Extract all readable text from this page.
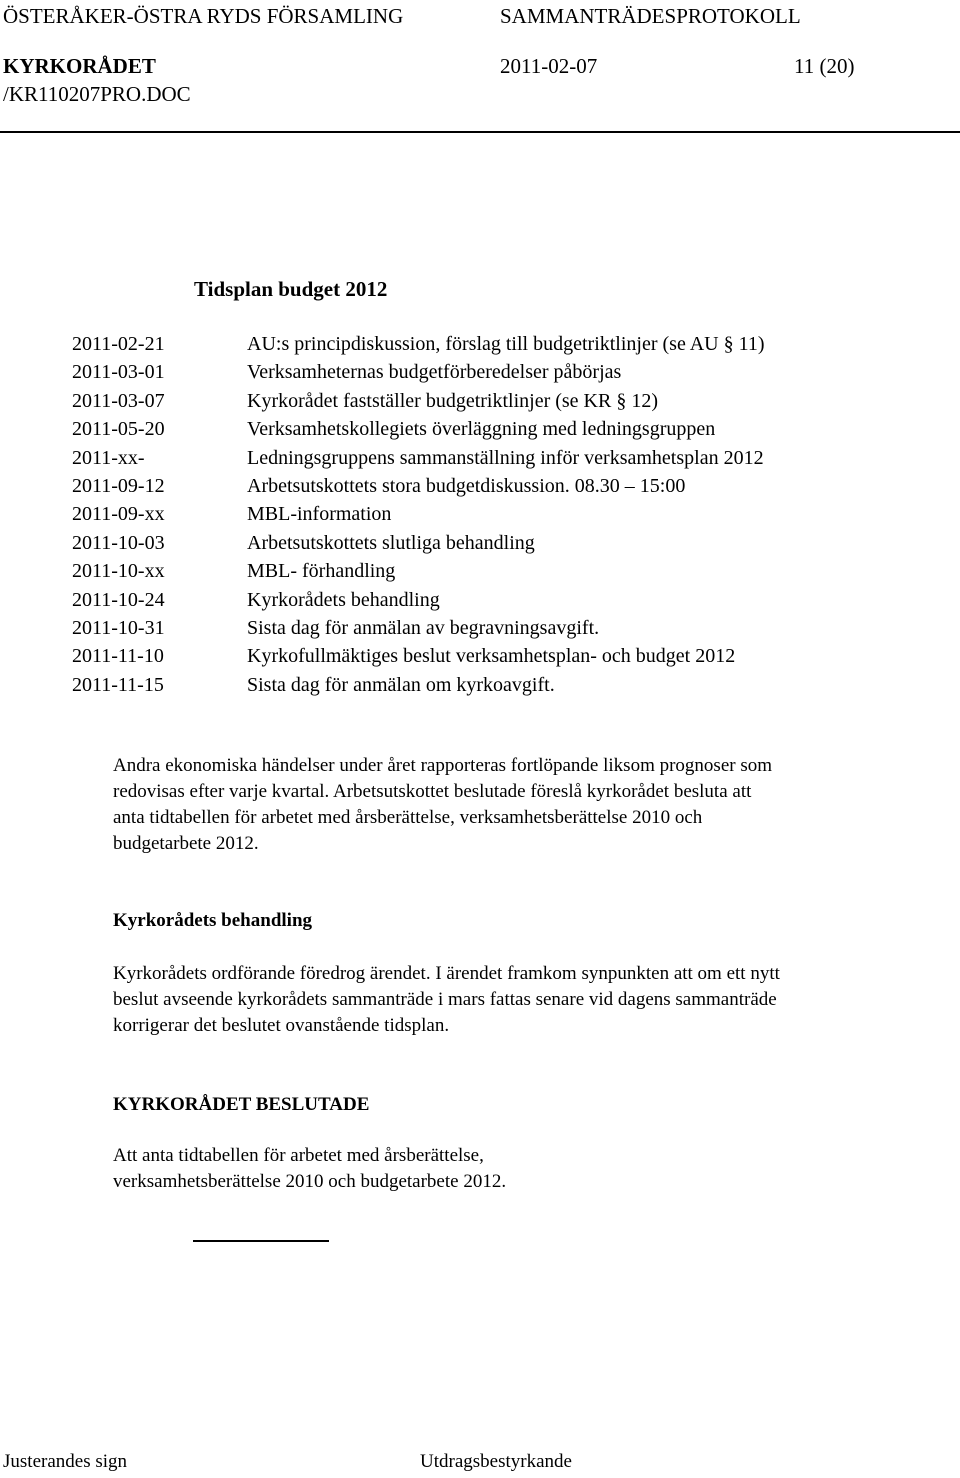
ÖSTERÅKER-ÖSTRA RYDS FÖRSAMLING	SAMMANTRÄDESPROTOKOLL
KYRKORÅDET	2011-02-07	11 (20)
/KR110207PRO.DOC
Tidsplan budget 2012
2011-02-21	AU:s principdiskussion, förslag till budgetriktlinjer (se AU § 11)
2011-03-01	Verksamheternas budgetförberedelser påbörjas
2011-03-07	Kyrkorådet fastställer budgetriktlinjer (se KR § 12)
2011-05-20	Verksamhetskollegiets överläggning med ledningsgruppen
2011-xx-	Ledningsgruppens sammanställning inför verksamhetsplan 2012
2011-09-12	Arbetsutskottets stora budgetdiskussion. 08.30 – 15:00
2011-09-xx	MBL-information
2011-10-03	Arbetsutskottets slutliga behandling
2011-10-xx	MBL- förhandling
2011-10-24	Kyrkorådets behandling
2011-10-31	Sista dag för anmälan av begravningsavgift.
2011-11-10	Kyrkofullmäktiges beslut verksamhetsplan- och budget 2012
2011-11-15	Sista dag för anmälan om kyrkoavgift.
Andra ekonomiska händelser under året rapporteras fortlöpande liksom prognoser som
redovisas efter varje kvartal. Arbetsutskottet beslutade föreslå kyrkorådet besluta att
anta tidtabellen för arbetet med årsberättelse, verksamhetsberättelse 2010 och
budgetarbete 2012.
Kyrkorådets behandling
Kyrkorådets ordförande föredrog ärendet. I ärendet framkom synpunkten att om ett nytt
beslut avseende kyrkorådets sammanträde i mars fattas senare vid dagens sammanträde
korrigerar det beslutet ovanstående tidsplan.
KYRKORÅDET BESLUTADE
Att anta tidtabellen för arbetet med årsberättelse,
verksamhetsberättelse 2010 och budgetarbete 2012.
Justerandes sign	Utdragsbestyrkande
